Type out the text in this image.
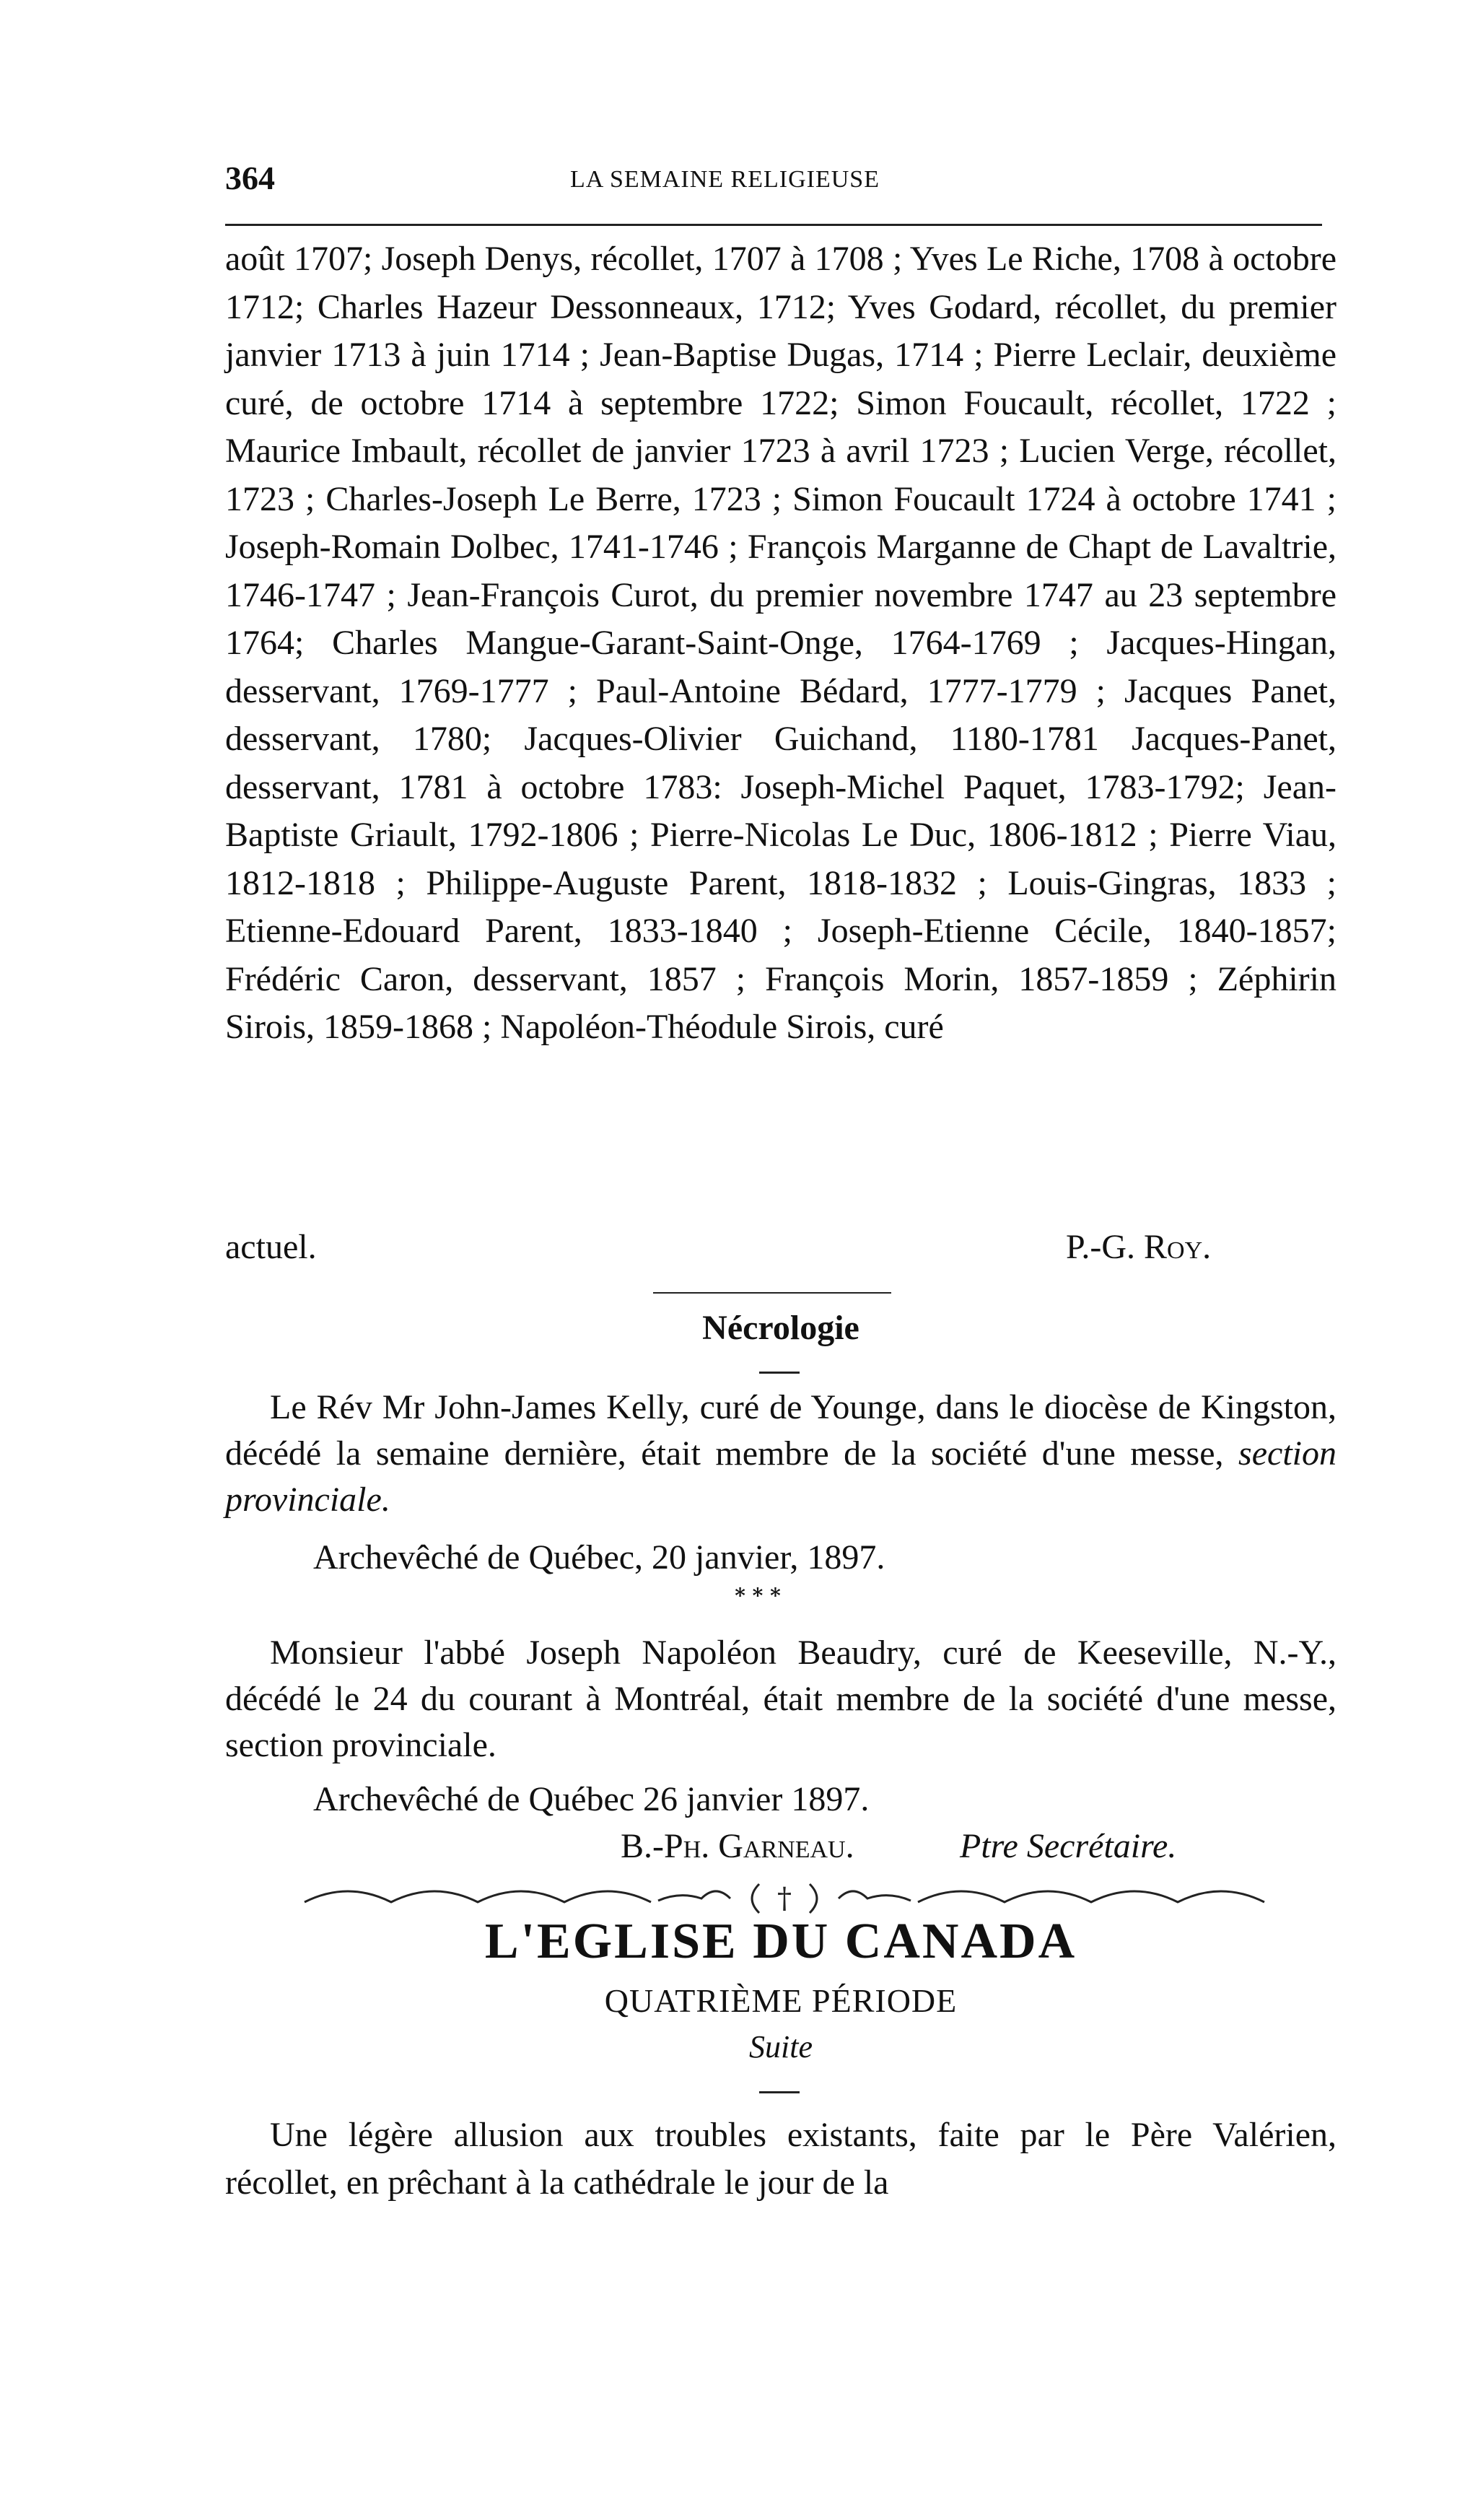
364	LA SEMAINE RELIGIEUSE

août 1707; Joseph Denys, récollet, 1707 à 1708 ; Yves Le Riche, 1708 à octobre 1712; Charles Hazeur Dessonneaux, 1712; Yves Godard, récollet, du premier janvier 1713 à juin 1714 ; Jean-Baptise Dugas, 1714 ; Pierre Leclair, deuxième curé, de octobre 1714 à septembre 1722; Simon Foucault, récollet, 1722 ; Maurice Imbault, récollet de janvier 1723 à avril 1723 ; Lucien Verge, récollet, 1723 ; Charles-Joseph Le Berre, 1723 ; Simon Foucault 1724 à octobre 1741 ; Joseph-Romain Dolbec, 1741-1746 ; François Marganne de Chapt de Lavaltrie, 1746-1747 ; Jean-François Curot, du premier novembre 1747 au 23 septembre 1764; Charles Mangue-Garant-Saint-Onge, 1764-1769 ; Jacques-Hingan, desservant, 1769-1777 ; Paul-Antoine Bédard, 1777-1779 ; Jacques Panet, desservant, 1780; Jacques-Olivier Guichand, 1180-1781 Jacques-Panet, desservant, 1781 à octobre 1783: Joseph-Michel Paquet, 1783-1792; Jean-Baptiste Griault, 1792-1806 ; Pierre-Nicolas Le Duc, 1806-1812 ; Pierre Viau, 1812-1818 ; Philippe-Auguste Parent, 1818-1832 ; Louis-Gingras, 1833 ; Etienne-Edouard Parent, 1833-1840 ; Joseph-Etienne Cécile, 1840-1857; Frédéric Caron, desservant, 1857 ; François Morin, 1857-1859 ; Zéphirin Sirois, 1859-1868 ; Napoléon-Théodule Sirois, curé

actuel.	P.-G. Roy.
Nécrologie

Le Rév Mr John-James Kelly, curé de Younge, dans le diocèse de Kingston, décédé la semaine dernière, était membre de la société d'une messe, section provinciale.

Archevêché de Québec, 20 janvier, 1897.
* * *

Monsieur l'abbé Joseph Napoléon Beaudry, curé de Keeseville, N.-Y., décédé le 24 du courant à Montréal, était membre de la société d'une messe, section provinciale.

Archevêché de Québec 26 janvier 1897.
B.-Ph. Garneau.	Ptre Secrétaire.
†
L'EGLISE DU CANADA
QUATRIÈME PÉRIODE
Suite

Une légère allusion aux troubles existants, faite par le Père Valérien, récollet, en prêchant à la cathédrale le jour de la
